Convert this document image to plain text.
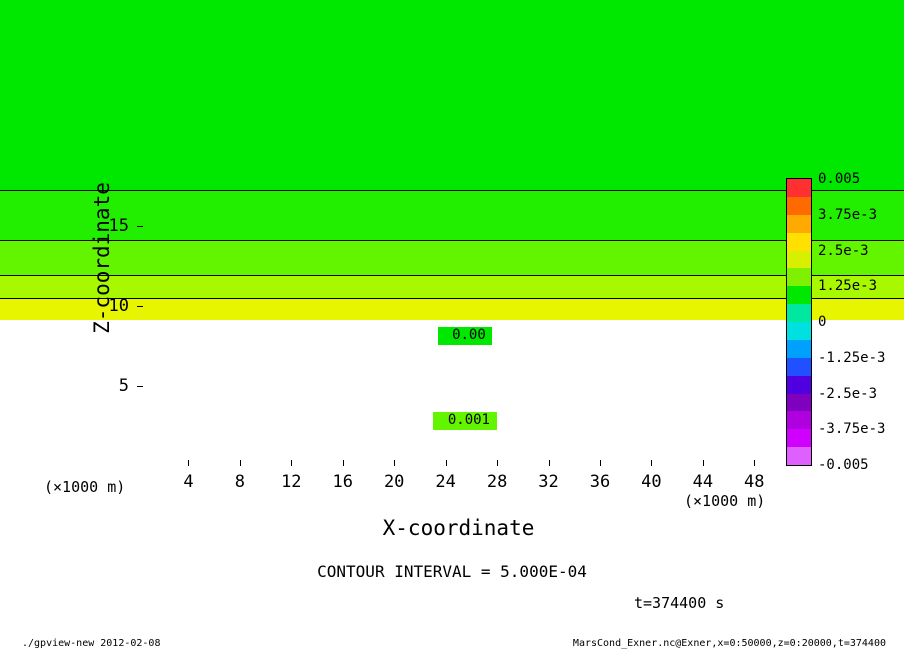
0.00
0.001
4 8 12 16 20 24 28 32 36 40 44 48
5
10
15
Z-coordinate
X-coordinate
(×1000 m)
(×1000 m)
0.005
3.75e-3
2.5e-3
1.25e-3
0
-1.25e-3
-2.5e-3
-3.75e-3
-0.005
CONTOUR INTERVAL = 5.000E-04
t=374400 s
./gpview-new 2012-02-08	MarsCond_Exner.nc@Exner,x=0:50000,z=0:20000,t=374400
